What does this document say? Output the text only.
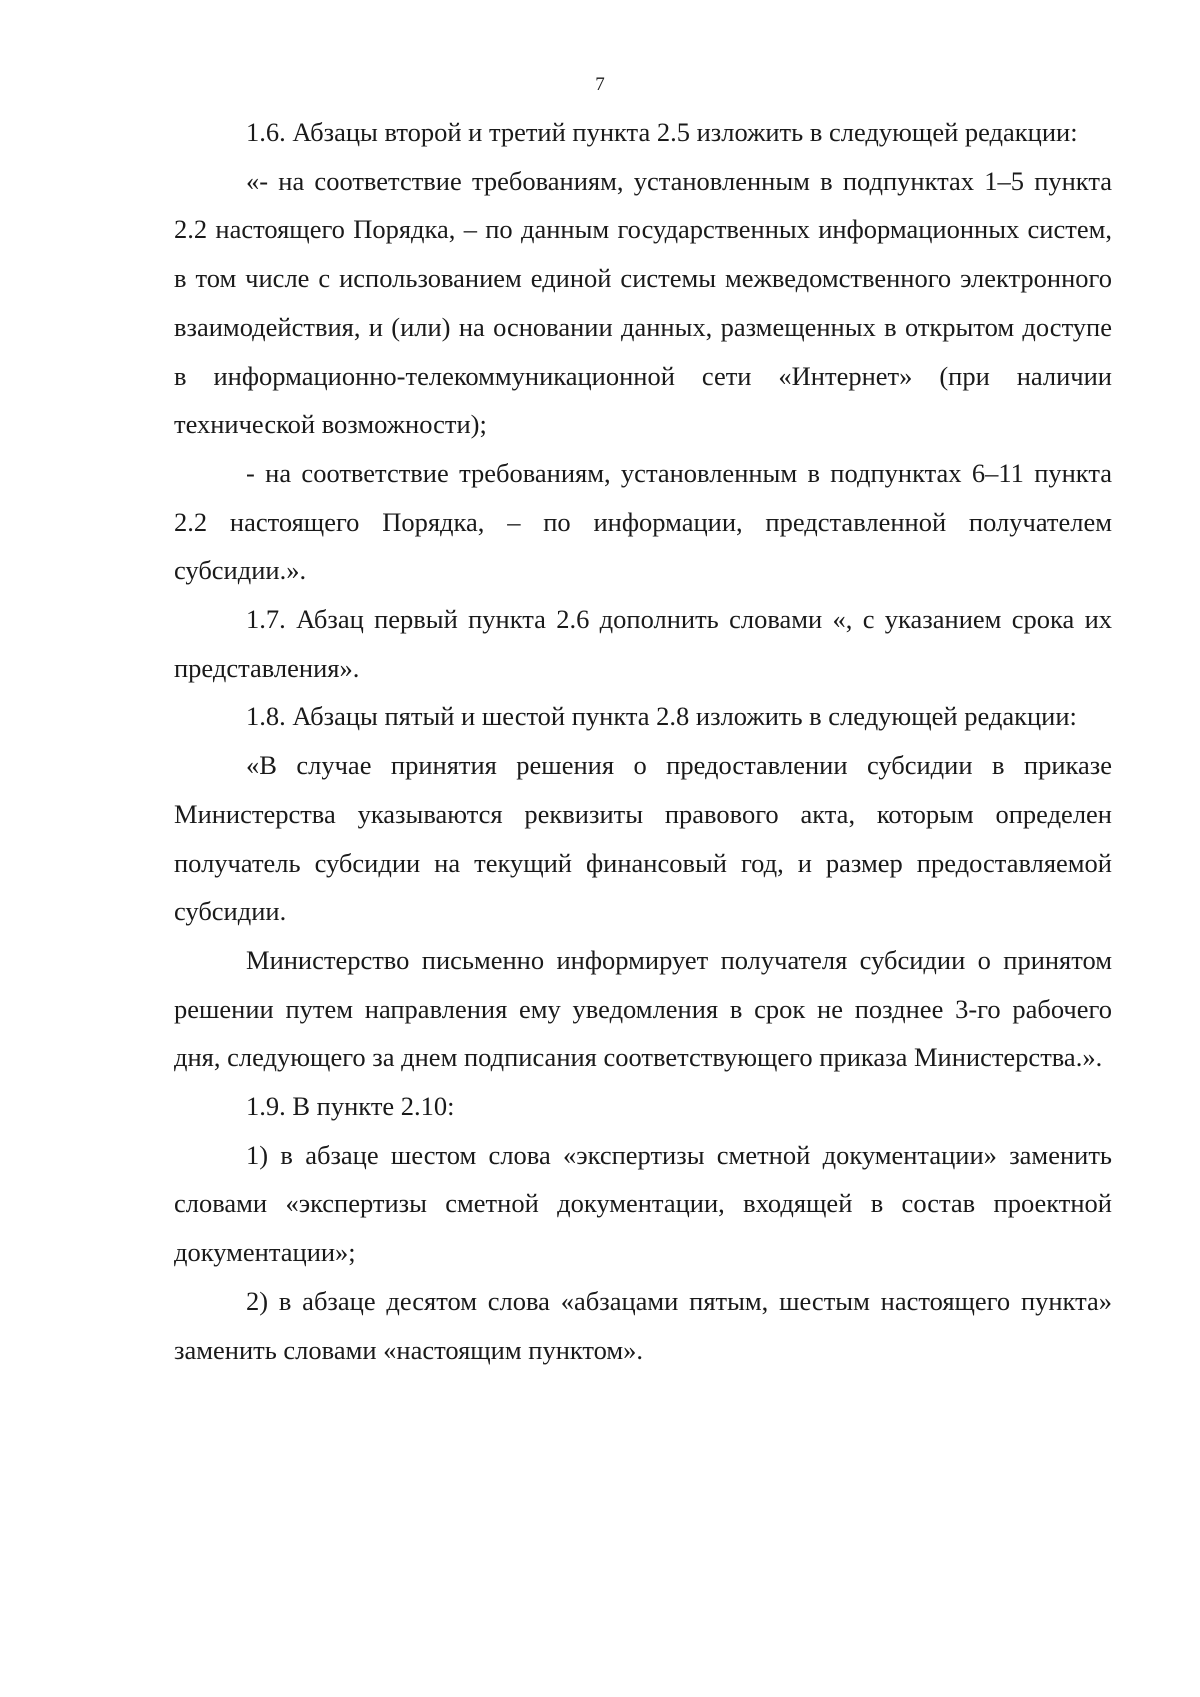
7

1.6. Абзацы второй и третий пункта 2.5 изложить в следующей редакции:

«- на соответствие требованиям, установленным в подпунктах 1–5 пункта 2.2 настоящего Порядка, – по данным государственных информационных систем, в том числе с использованием единой системы межведомственного электронного взаимодействия, и (или) на основании данных, размещенных в открытом доступе в информационно-телекоммуникационной сети «Интернет» (при наличии технической возможности);

- на соответствие требованиям, установленным в подпунктах 6–11 пункта 2.2 настоящего Порядка, – по информации, представленной получателем субсидии.».

1.7. Абзац первый пункта 2.6 дополнить словами «, с указанием срока их представления».

1.8. Абзацы пятый и шестой пункта 2.8 изложить в следующей редакции:

«В случае принятия решения о предоставлении субсидии в приказе Министерства указываются реквизиты правового акта, которым определен получатель субсидии на текущий финансовый год, и размер предоставляемой субсидии.

Министерство письменно информирует получателя субсидии о принятом решении путем направления ему уведомления в срок не позднее 3-го рабочего дня, следующего за днем подписания соответствующего приказа Министерства.».

1.9. В пункте 2.10:

1) в абзаце шестом слова «экспертизы сметной документации» заменить словами «экспертизы сметной документации, входящей в состав проектной документации»;

2) в абзаце десятом слова «абзацами пятым, шестым настоящего пункта» заменить словами «настоящим пунктом».
